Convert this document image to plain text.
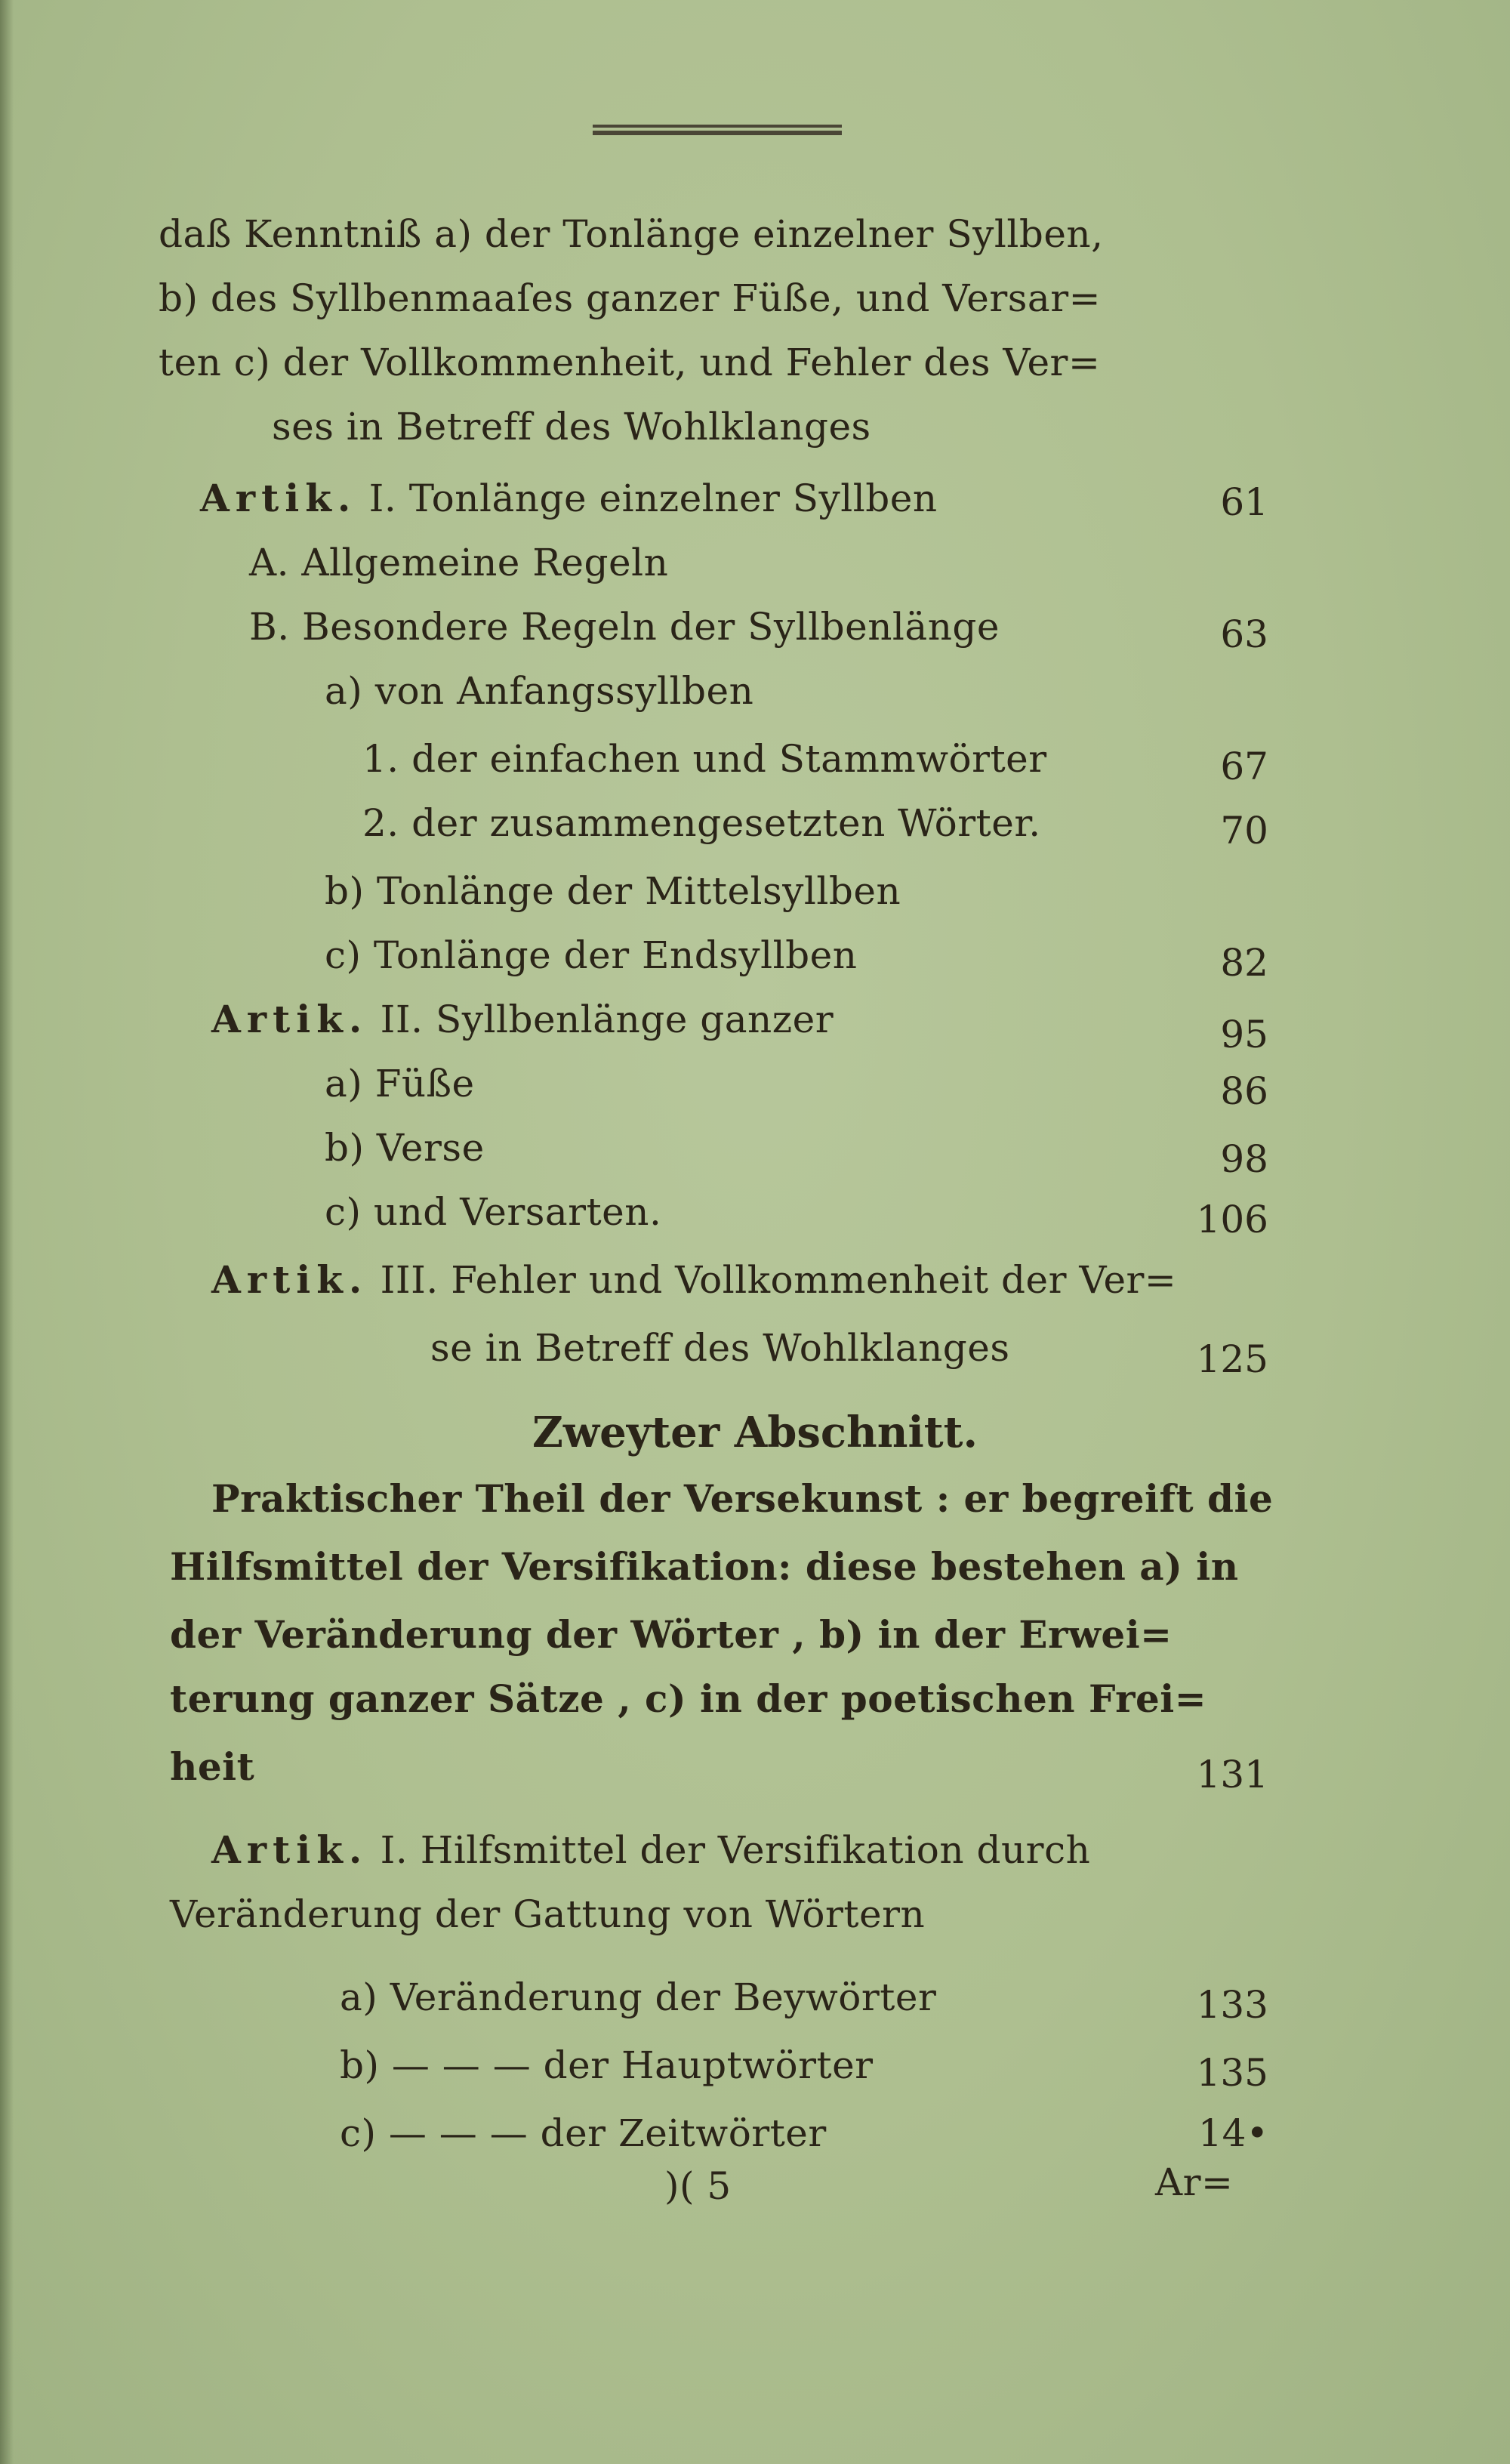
daß Kenntniß a) der Tonlänge einzelner Syllben,
b) des Syllbenmaaſes ganzer Füße, und Versar=
ten c) der Vollkommenheit, und Fehler des Ver=
ses in Betreff des Wohlklanges
Artik. I. Tonlänge einzelner Syllben	61
A. Allgemeine Regeln
B. Besondere Regeln der Syllbenlänge	63
a) von Anfangssyllben
1. der einfachen und Stammwörter	67
2. der zusammengesetzten Wörter.	70
b) Tonlänge der Mittelsyllben
c) Tonlänge der Endsyllben	82
Artik. II. Syllbenlänge ganzer	95
a) Füße	86
b) Verse	98
c) und Versarten.	106
Artik. III. Fehler und Vollkommenheit der Ver=
se in Betreff des Wohlklanges	125
Zweyter Abschnitt.
Praktischer Theil der Versekunst : er begreift die
Hilfsmittel der Versifikation: diese bestehen a) in
der Veränderung der Wörter , b) in der Erwei=
terung ganzer Sätze , c) in der poetischen Frei=
heit	131
Artik. I. Hilfsmittel der Versifikation durch
Veränderung der Gattung von Wörtern
a) Veränderung der Beywörter	133
b) — — — der Hauptwörter	135
c) — — — der Zeitwörter	14•
)( 5	Ar=
